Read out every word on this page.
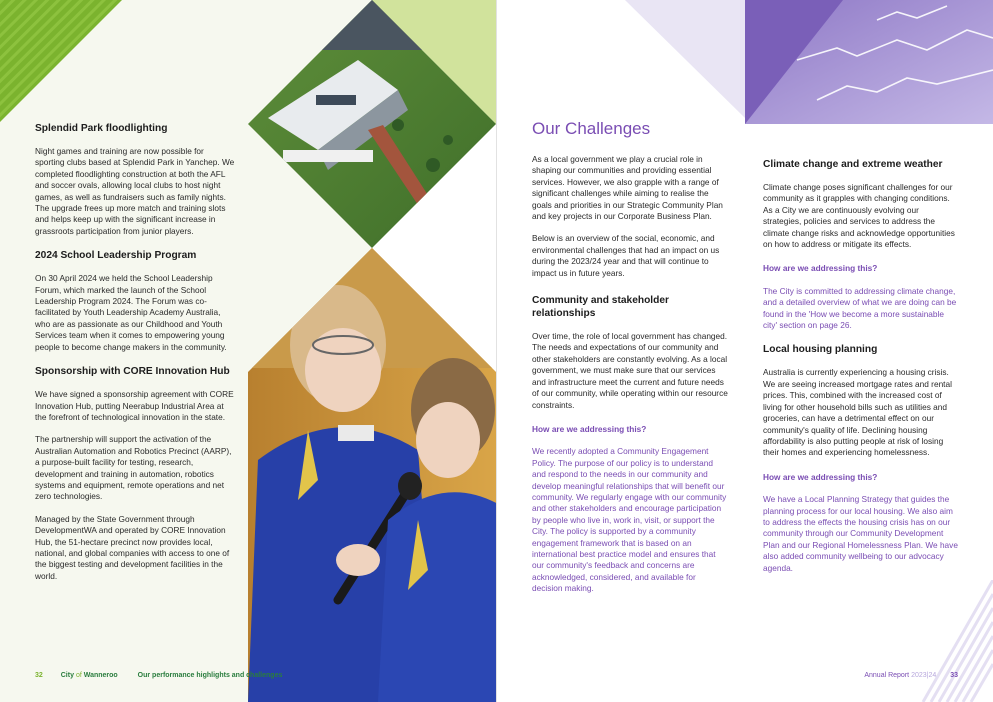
Splendid Park floodlighting

Night games and training are now possible for sporting clubs based at Splendid Park in Yanchep. We completed floodlighting construction at both the AFL and soccer ovals, allowing local clubs to host night games, as well as fundraisers such as family nights. The upgrade frees up more match and training slots and helps keep up with the significant increase in grassroots participation from junior players.

2024 School Leadership Program

On 30 April 2024 we held the School Leadership Forum, which marked the launch of the School Leadership Program 2024. The Forum was co-facilitated by Youth Leadership Academy Australia, who are as passionate as our Childhood and Youth Services team when it comes to empowering young people to become change makers in the community.

Sponsorship with CORE Innovation Hub

We have signed a sponsorship agreement with CORE Innovation Hub, putting Neerabup Industrial Area at the forefront of technological innovation in the state.

The partnership will support the activation of the Australian Automation and Robotics Precinct (AARP), a purpose-built facility for testing, research, development and training in automation, robotics systems and equipment, remote operations and net zero technologies.

Managed by the State Government through DevelopmentWA and operated by CORE Innovation Hub, the 51-hectare precinct now provides local, national, and global companies with access to one of the biggest testing and development facilities in the world.

32	City of Wanneroo	Our performance highlights and challenges
Our Challenges

As a local government we play a crucial role in shaping our communities and providing essential services. However, we also grapple with a range of significant challenges while aiming to realise the goals and priorities in our Strategic Community Plan and key projects in our Corporate Business Plan.

Below is an overview of the social, economic, and environmental challenges that had an impact on us during the 2023/24 year and that will continue to impact us in future years.

Community and stakeholder relationships

Over time, the role of local government has changed. The needs and expectations of our community and other stakeholders are constantly evolving. As a local government, we must make sure that our services and infrastructure meet the current and future needs of our community, while operating within our resource constraints.

How are we addressing this?

We recently adopted a Community Engagement Policy. The purpose of our policy is to understand and respond to the needs in our community and develop meaningful relationships that will benefit our community. We regularly engage with our community and other stakeholders and encourage participation by people who live in, work in, visit, or support the City. The policy is supported by a community engagement framework that is based on an international best practice model and ensures that our community's feedback and concerns are acknowledged, considered, and available for decision making.

Climate change and extreme weather

Climate change poses significant challenges for our community as it grapples with changing conditions. As a City we are continuously evolving our strategies, policies and services to address the climate change risks and acknowledge opportunities on how to address or mitigate its effects.

How are we addressing this?

The City is committed to addressing climate change, and a detailed overview of what we are doing can be found in the 'How we become a more sustainable city' section on page 26.

Local housing planning

Australia is currently experiencing a housing crisis. We are seeing increased mortgage rates and rental prices. This, combined with the increased cost of living for other household bills such as utilities and groceries, can have a detrimental effect on our community's quality of life. Declining housing affordability is also putting people at risk of losing their homes and experiencing homelessness.

How are we addressing this?

We have a Local Planning Strategy that guides the planning process for our local housing. We also aim to address the effects the housing crisis has on our community through our Community Development Plan and our Regional Homelessness Plan. We have also added community wellbeing to our advocacy agenda.

Annual Report 2023|24 33
